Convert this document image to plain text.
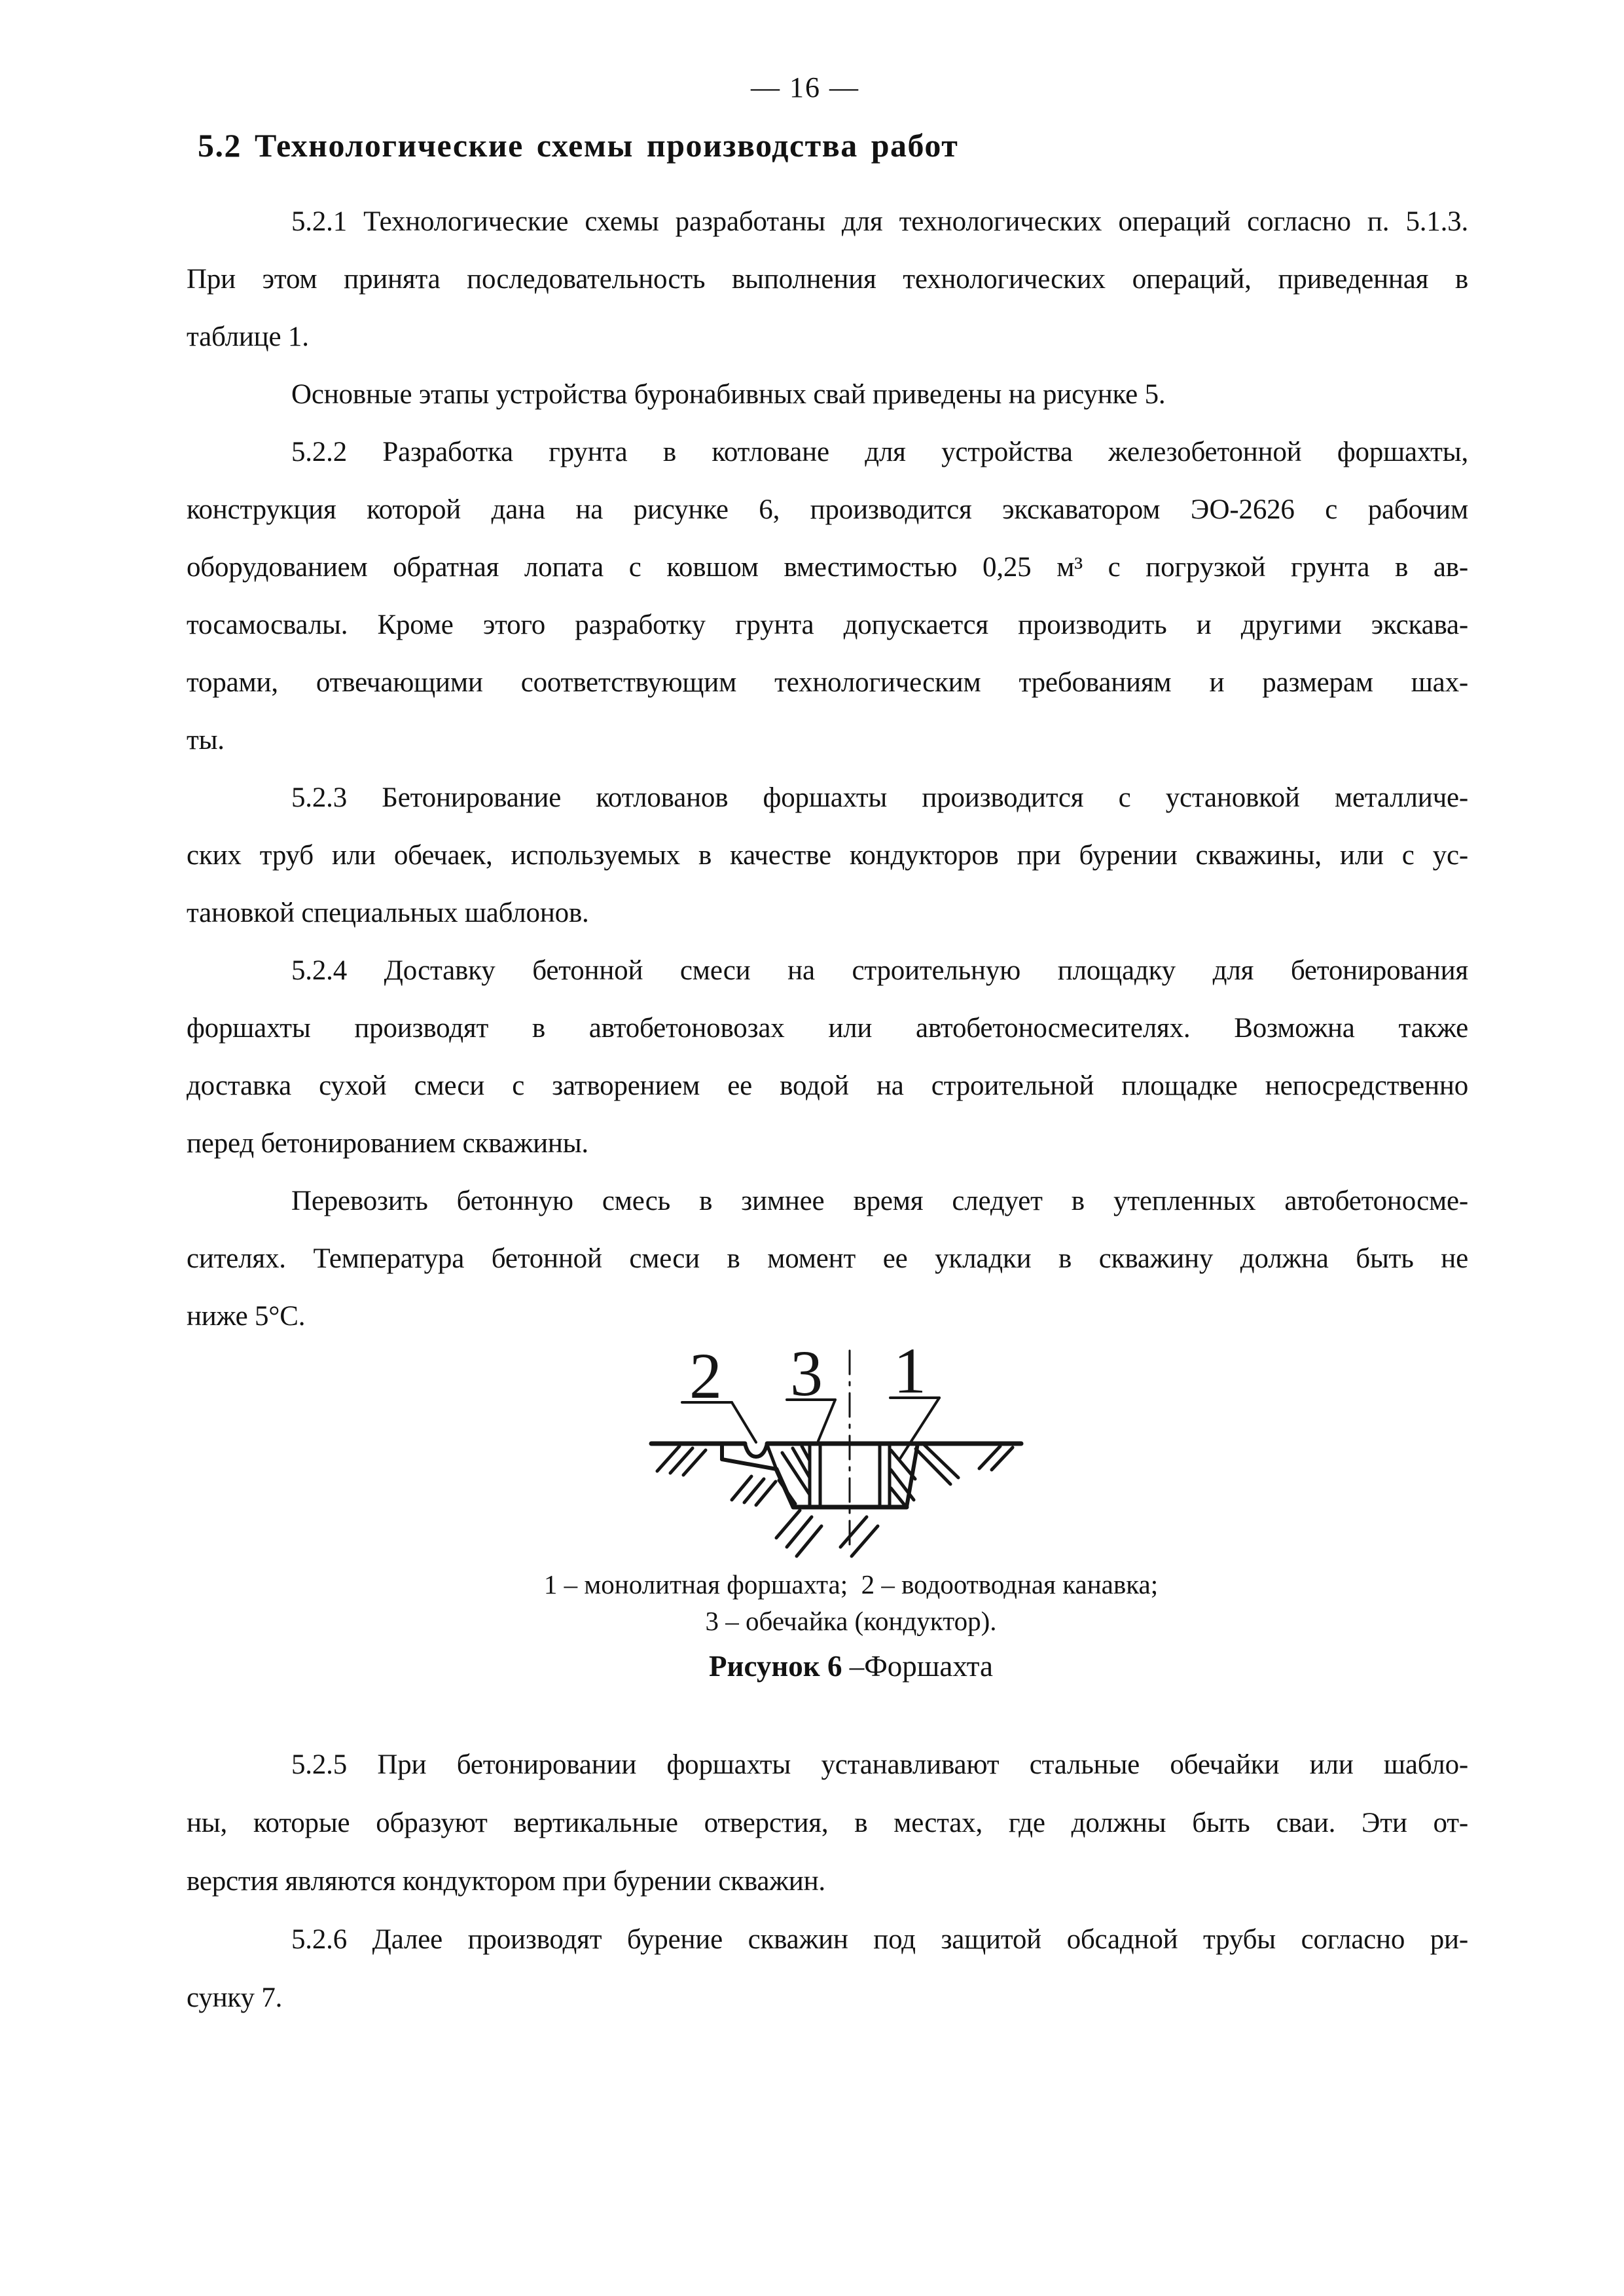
— 16 —
5.2 Технологические схемы производства работ
5.2.1 Технологические схемы разработаны для технологических операций согласно п. 5.1.3.
При этом принята последовательность выполнения технологических операций, приведенная в
таблице 1.
Основные этапы устройства буронабивных свай приведены на рисунке 5.
5.2.2 Разработка грунта в котловане для устройства железобетонной форшахты,
конструкция которой дана на рисунке 6, производится экскаватором ЭО-2626 с рабочим
оборудованием обратная лопата с ковшом вместимостью 0,25 м³ с погрузкой грунта в ав-
тосамосвалы. Кроме этого разработку грунта допускается производить и другими экскава-
торами, отвечающими соответствующим технологическим требованиям и размерам шах-
ты.
5.2.3 Бетонирование котлованов форшахты производится с установкой металличе-
ских труб или обечаек, используемых в качестве кондукторов при бурении скважины, или с ус-
тановкой специальных шаблонов.
5.2.4 Доставку бетонной смеси на строительную площадку для бетонирования
форшахты производят в автобетоновозах или автобетоносмесителях. Возможна также
доставка сухой смеси с затворением ее водой на строительной площадке непосредственно
перед бетонированием скважины.
Перевозить бетонную смесь в зимнее время следует в утепленных автобетоносме-
сителях. Температура бетонной смеси в момент ее укладки в скважину должна быть не
ниже 5°С.
2 3 1
1 – монолитная форшахта;  2 – водоотводная канавка;
3 – обечайка (кондуктор).
Рисунок 6 –Форшахта
5.2.5 При бетонировании форшахты устанавливают стальные обечайки или шабло-
ны, которые образуют вертикальные отверстия, в местах, где должны быть сваи. Эти от-
верстия являются кондуктором при бурении скважин.
5.2.6 Далее производят бурение скважин под защитой обсадной трубы согласно ри-
сунку 7.
